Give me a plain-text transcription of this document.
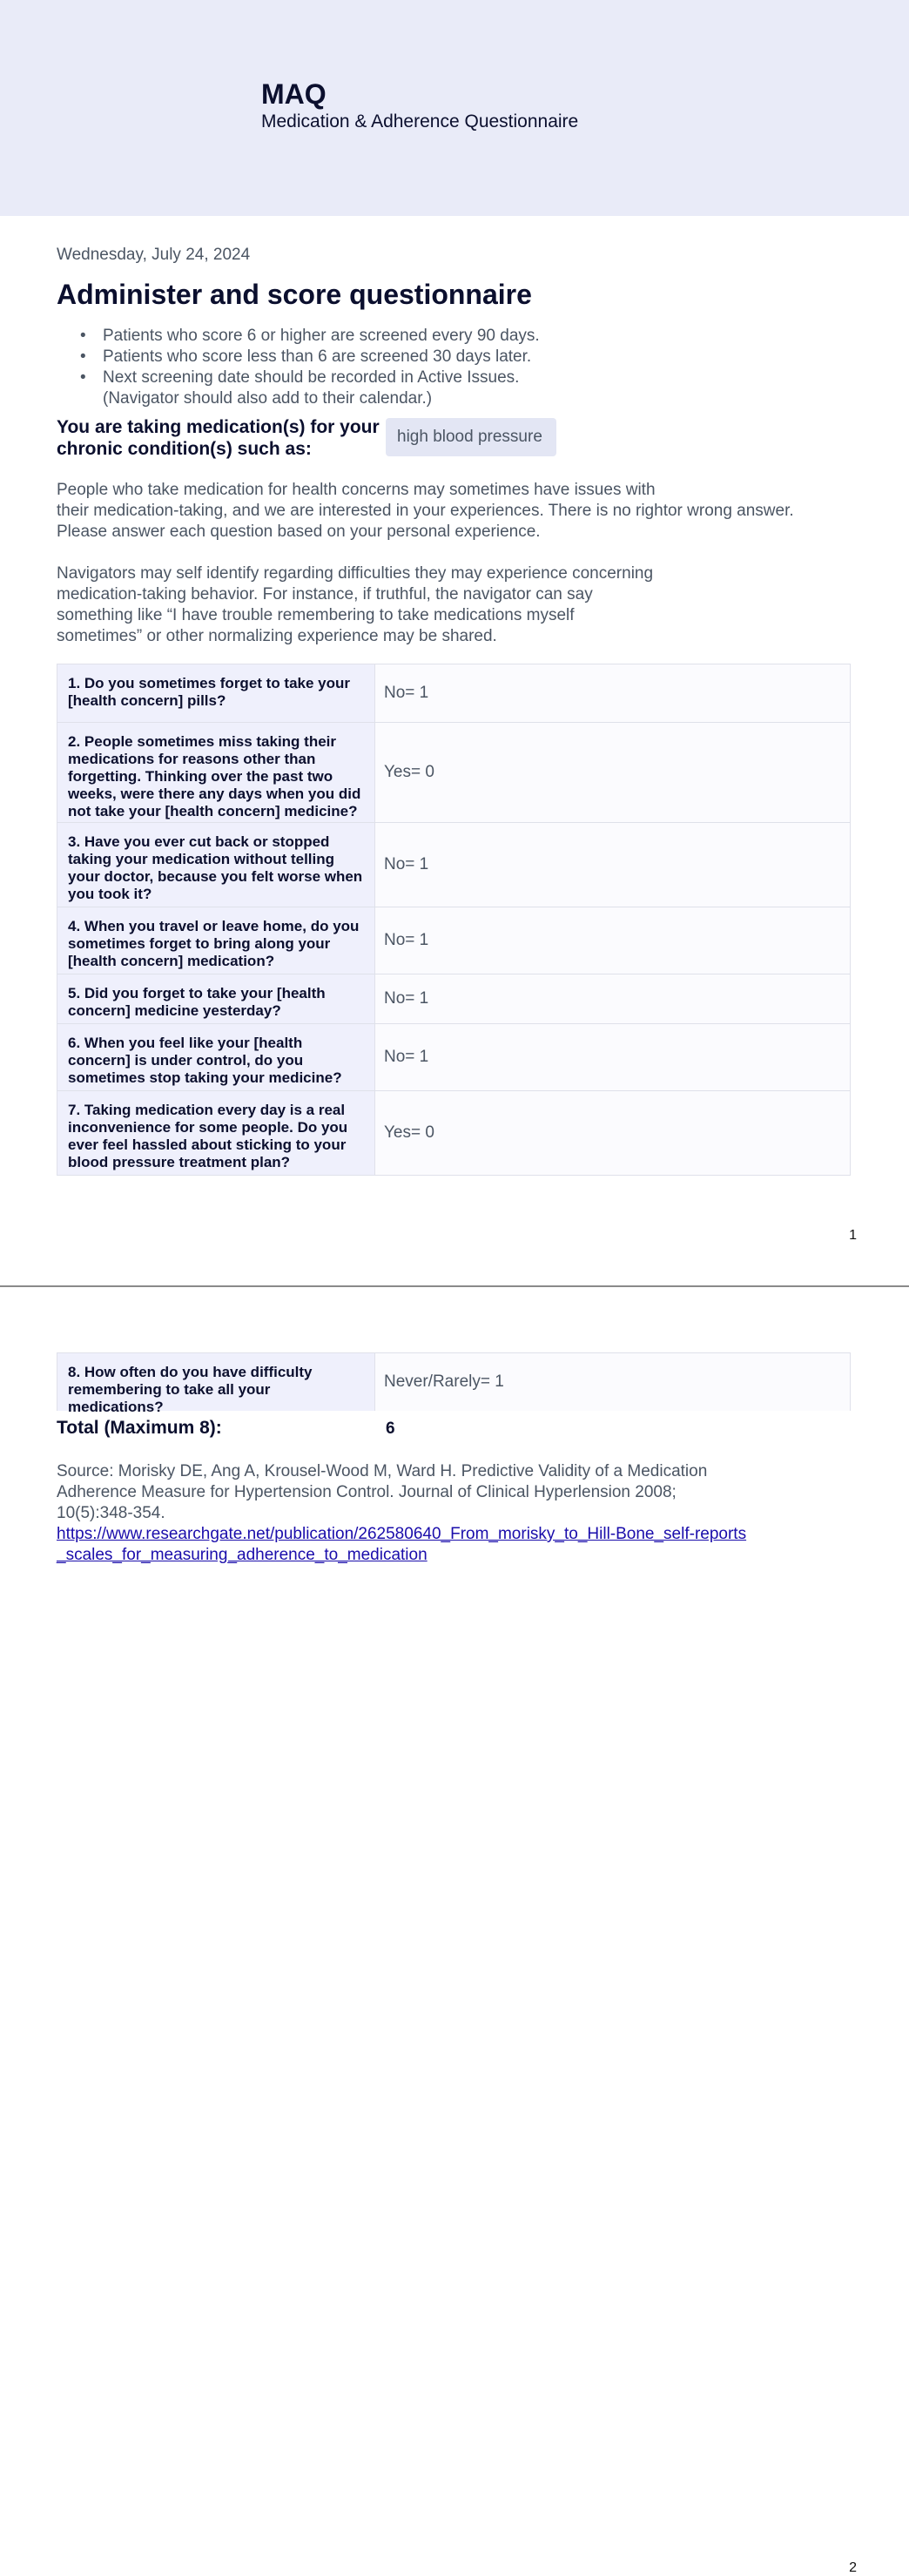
MAQ
Medication & Adherence Questionnaire
Wednesday, July 24, 2024
Administer and score questionnaire
• Patients who score 6 or higher are screened every 90 days.
• Patients who score less than 6 are screened 30 days later.
• Next screening date should be recorded in Active Issues. (Navigator should also add to their calendar.)
You are taking medication(s) for your chronic condition(s) such as:
high blood pressure
People who take medication for health concerns may sometimes have issues with
their medication-taking, and we are interested in your experiences. There is no rightor wrong answer.
Please answer each question based on your personal experience.
Navigators may self identify regarding difficulties they may experience concerning
medication-taking behavior. For instance, if truthful, the navigator can say
something like “I have trouble remembering to take medications myself
sometimes” or other normalizing experience may be shared.
1. Do you sometimes forget to take your [health concern] pills?	No= 1
2. People sometimes miss taking their medications for reasons other than forgetting. Thinking over the past two weeks, were there any days when you did not take your [health concern] medicine?
Yes= 0
3. Have you ever cut back or stopped taking your medication without telling your doctor, because you felt worse when you took it?
No= 1
4. When you travel or leave home, do you sometimes forget to bring along your [health concern] medication?
No= 1
5. Did you forget to take your [health concern] medicine yesterday?
No= 1
6. When you feel like your [health concern] is under control, do you sometimes stop taking your medicine?
No= 1
7. Taking medication every day is a real inconvenience for some people. Do you ever feel hassled about sticking to your blood pressure treatment plan?
Yes= 0
1
8. How often do you have difficulty remembering to take all your medications?
Never/Rarely= 1
Total (Maximum 8):	6
Source: Morisky DE, Ang A, Krousel-Wood M, Ward H. Predictive Validity of a Medication Adherence Measure for Hypertension Control. Journal of Clinical Hyperlension 2008; 10(5):348-354.
https://www.researchgate.net/publication/262580640_From_morisky_to_Hill-Bone_self-reports_scales_for_measuring_adherence_to_medication
2
